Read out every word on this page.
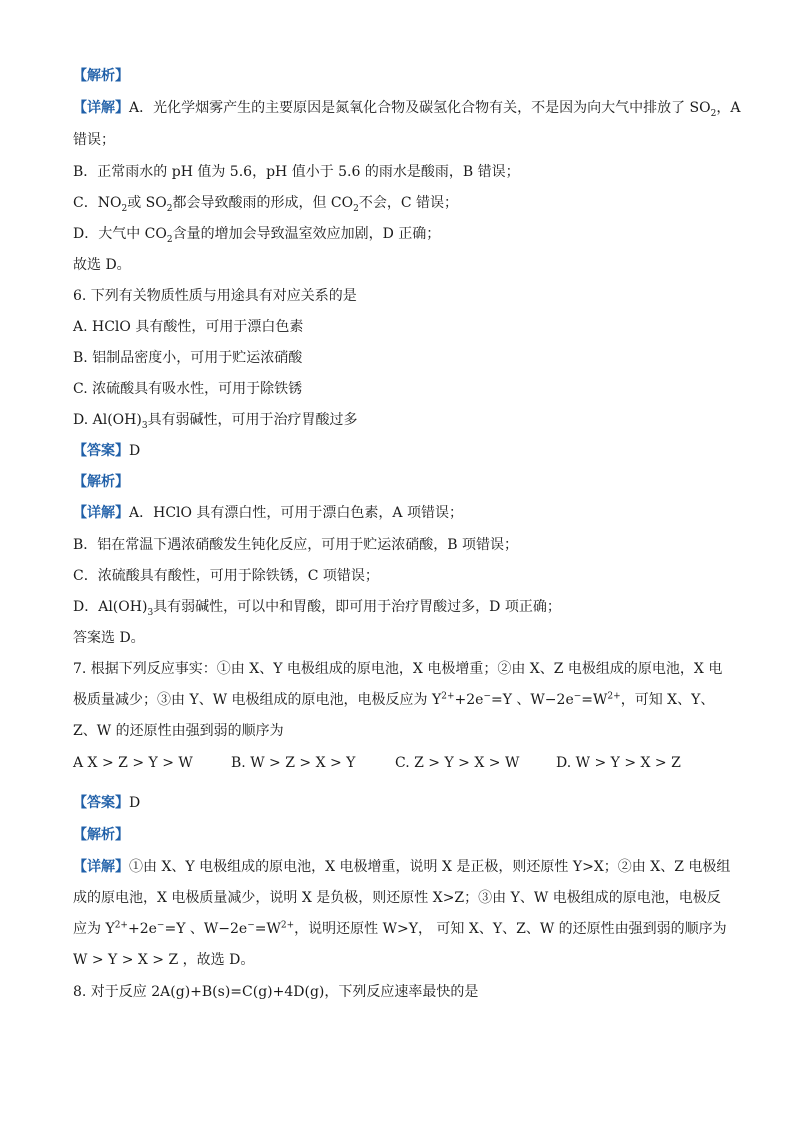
【解析】
【详解】A．光化学烟雾产生的主要原因是氮氧化合物及碳氢化合物有关，不是因为向大气中排放了 $SO_2$，A
错误；
B．正常雨水的 pH 值为 5.6，pH 值小于 5.6 的雨水是酸雨，B 错误；
C．$NO_2$或 $SO_2$都会导致酸雨的形成，但 $CO_2$不会，C 错误；
D．大气中 $CO_2$含量的增加会导致温室效应加剧，D 正确；
故选 D。
6. 下列有关物质性质与用途具有对应关系的是
A. HClO 具有酸性，可用于漂白色素
B. 铝制品密度小，可用于贮运浓硝酸
C. 浓硫酸具有吸水性，可用于除铁锈
D. $Al(OH)_3$具有弱碱性，可用于治疗胃酸过多
【答案】D
【解析】
【详解】A．HClO 具有漂白性，可用于漂白色素，A 项错误；
B．铝在常温下遇浓硝酸发生钝化反应，可用于贮运浓硝酸，B 项错误；
C．浓硫酸具有酸性，可用于除铁锈，C 项错误；
D．$Al(OH)_3$具有弱碱性，可以中和胃酸，即可用于治疗胃酸过多，D 项正确；
答案选 D。
7. 根据下列反应事实：①由 X、Y 电极组成的原电池，X 电极增重；②由 X、Z 电极组成的原电池，X 电
极质量减少；③由 Y、W 电极组成的原电池，电极反应为 $Y^{2+}+2e^-=Y$ 、$W-2e^-=W^{2+}$，可知 X、Y、
Z、W 的还原性由强到弱的顺序为
A X > Z > Y > W	B. W > Z > X > Y	C. Z > Y > X > W	D. W > Y > X > Z
【答案】D
【解析】
【详解】①由 X、Y 电极组成的原电池，X 电极增重，说明 X 是正极，则还原性 Y>X；②由 X、Z 电极组
成的原电池，X 电极质量减少，说明 X 是负极，则还原性 X>Z；③由 Y、W 电极组成的原电池，电极反
应为 $Y^{2+}+2e^-=Y$ 、$W-2e^-=W^{2+}$，说明还原性 W>Y， 可知 X、Y、Z、W 的还原性由强到弱的顺序为
W > Y > X > Z ，故选 D。
8. 对于反应 2A(g)+B(s)=C(g)+4D(g)，下列反应速率最快的是
